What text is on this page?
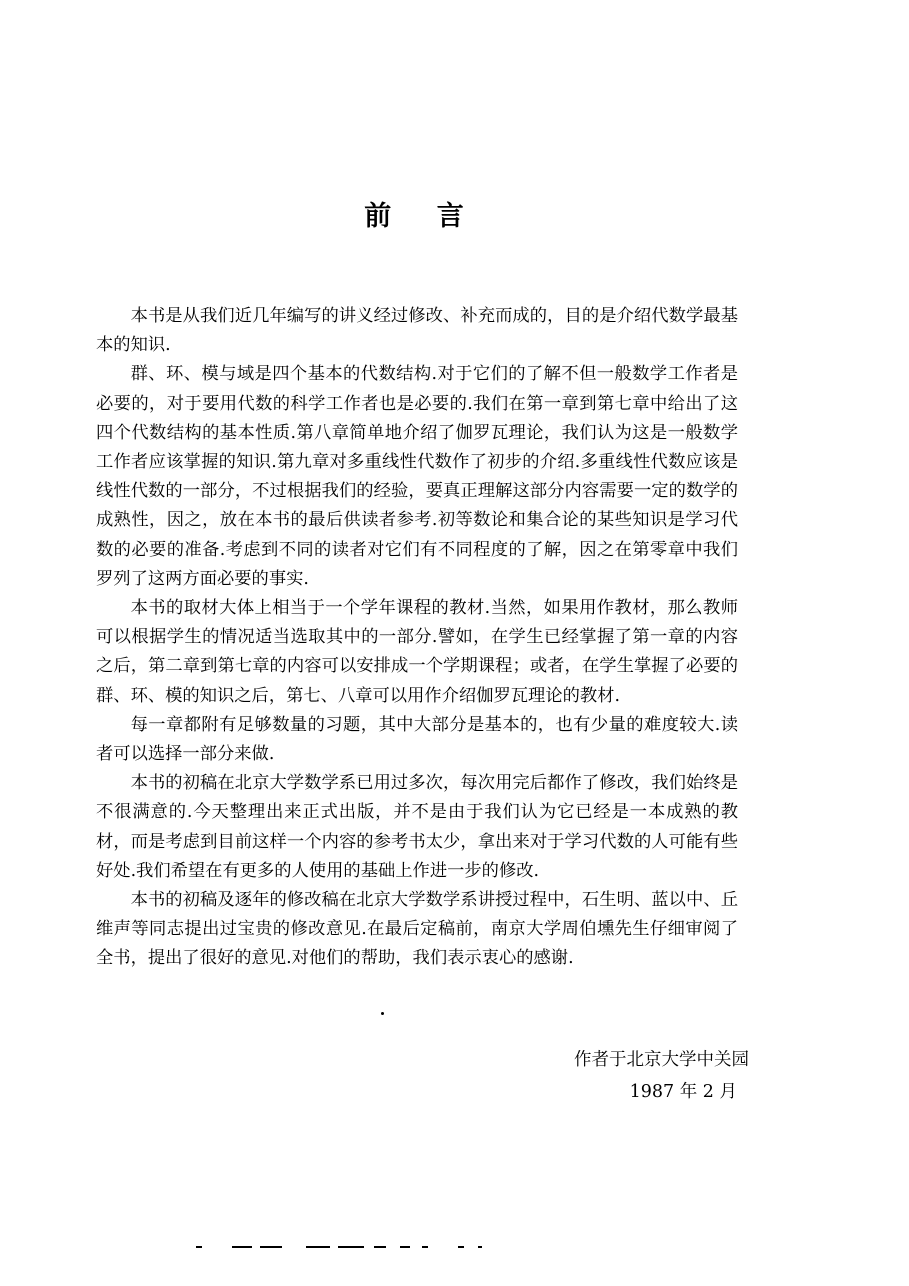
前 言

本书是从我们近几年编写的讲义经过修改、补充而成的，目的是介绍代数学最基本的知识.

群、环、模与域是四个基本的代数结构.对于它们的了解不但一般数学工作者是必要的，对于要用代数的科学工作者也是必要的.我们在第一章到第七章中给出了这四个代数结构的基本性质.第八章简单地介绍了伽罗瓦理论，我们认为这是一般数学工作者应该掌握的知识.第九章对多重线性代数作了初步的介绍.多重线性代数应该是线性代数的一部分，不过根据我们的经验，要真正理解这部分内容需要一定的数学的成熟性，因之，放在本书的最后供读者参考.初等数论和集合论的某些知识是学习代数的必要的准备.考虑到不同的读者对它们有不同程度的了解，因之在第零章中我们罗列了这两方面必要的事实.

本书的取材大体上相当于一个学年课程的教材.当然，如果用作教材，那么教师可以根据学生的情况适当选取其中的一部分.譬如，在学生已经掌握了第一章的内容之后，第二章到第七章的内容可以安排成一个学期课程；或者，在学生掌握了必要的群、环、模的知识之后，第七、八章可以用作介绍伽罗瓦理论的教材.

每一章都附有足够数量的习题，其中大部分是基本的，也有少量的难度较大.读者可以选择一部分来做.

本书的初稿在北京大学数学系已用过多次，每次用完后都作了修改，我们始终是不很满意的.今天整理出来正式出版，并不是由于我们认为它已经是一本成熟的教材，而是考虑到目前这样一个内容的参考书太少，拿出来对于学习代数的人可能有些好处.我们希望在有更多的人使用的基础上作进一步的修改.

本书的初稿及逐年的修改稿在北京大学数学系讲授过程中，石生明、蓝以中、丘维声等同志提出过宝贵的修改意见.在最后定稿前，南京大学周伯壎先生仔细审阅了全书，提出了很好的意见.对他们的帮助，我们表示衷心的感谢.

作者于北京大学中关园
1987 年 2 月
